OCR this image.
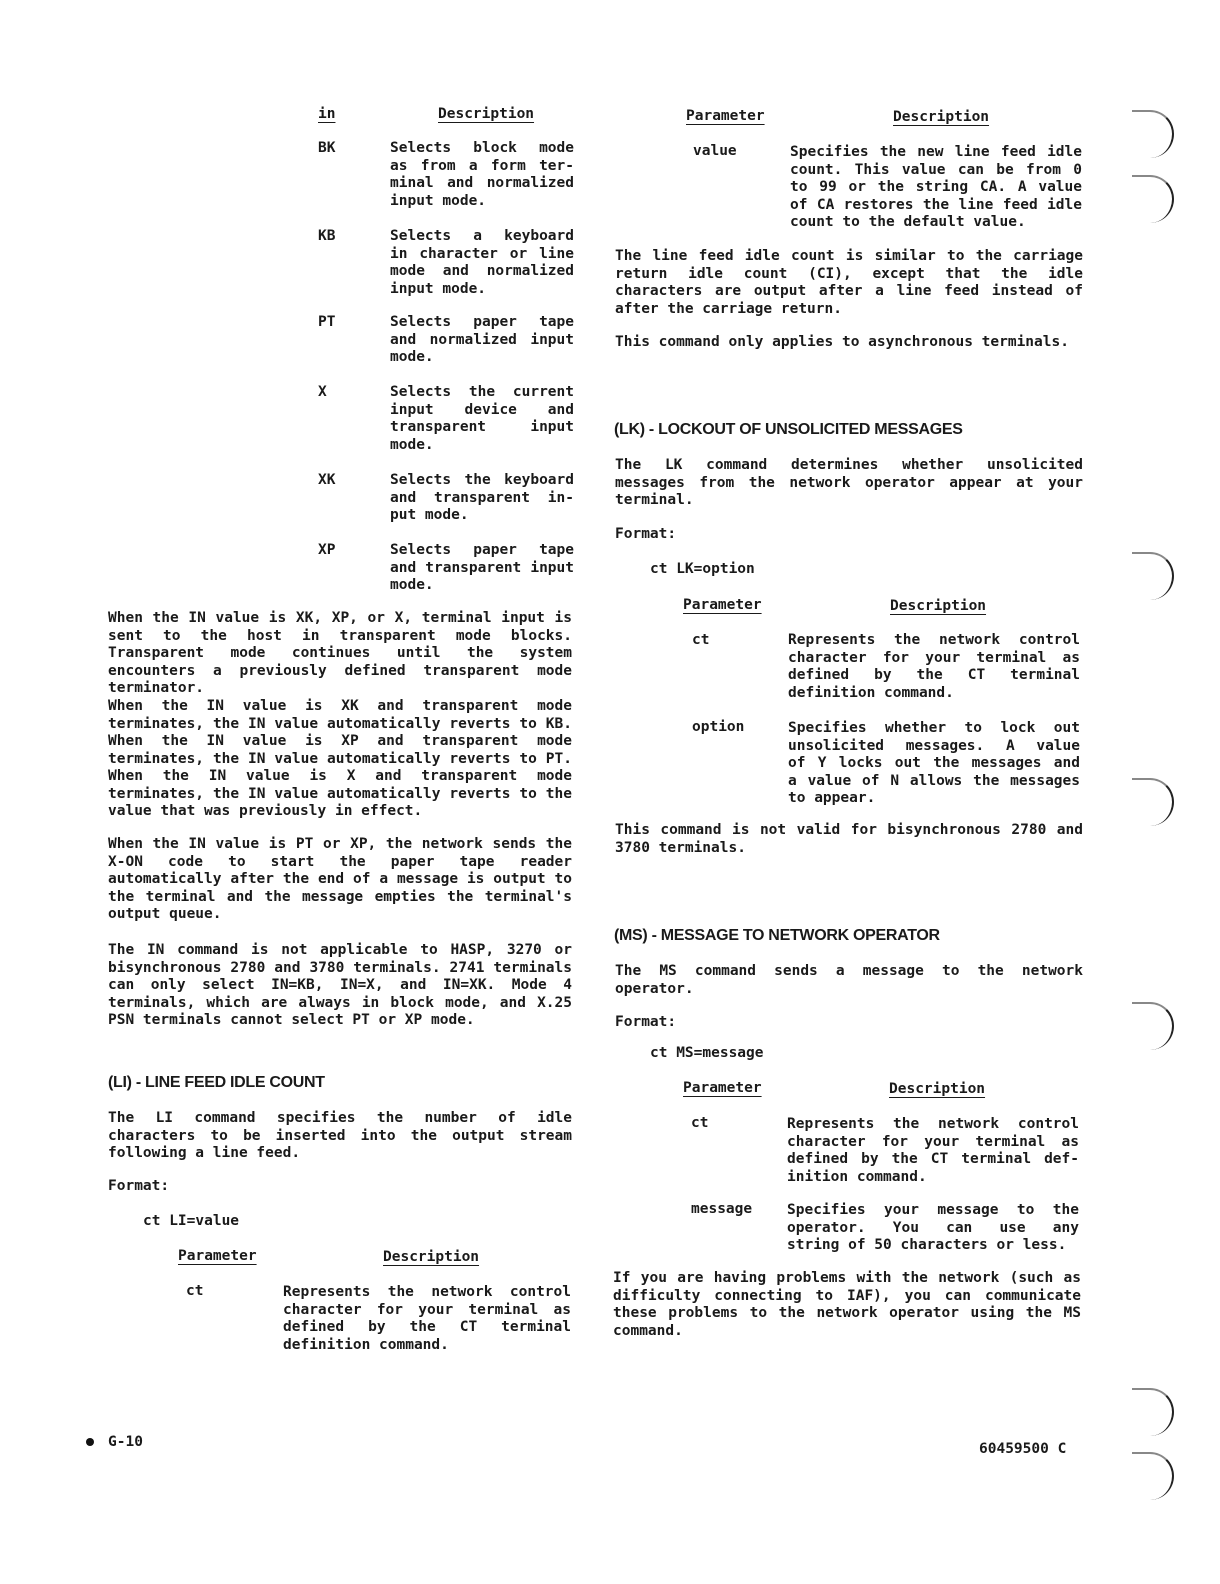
in	Description
BK	Selects block mode
as from a form ter-
minal and normalized
input mode.
KB	Selects a keyboard
in character or line
mode and normalized
input mode.
PT	Selects paper tape
and normalized input
mode.
X	Selects the current
input device and
transparent input
mode.
XK	Selects the keyboard
and transparent in-
put mode.
XP	Selects paper tape
and transparent input
mode.

When the IN value is XK, XP, or X, terminal input is sent to the host in transparent mode blocks. Transparent mode continues until the system encounters a previously defined transparent mode terminator.

When the IN value is XK and transparent mode terminates, the IN value automatically reverts to KB. When the IN value is XP and transparent mode terminates, the IN value automatically reverts to PT. When the IN value is X and transparent mode terminates, the IN value automatically reverts to the value that was previously in effect.

When the IN value is PT or XP, the network sends the X-ON code to start the paper tape reader automatically after the end of a message is output to the terminal and the message empties the terminal's output queue.

The IN command is not applicable to HASP, 3270 or bisynchronous 2780 and 3780 terminals. 2741 terminals can only select IN=KB, IN=X, and IN=XK. Mode 4 terminals, which are always in block mode, and X.25 PSN terminals cannot select PT or XP mode.

(LI) - LINE FEED IDLE COUNT

The LI command specifies the number of idle characters to be inserted into the output stream following a line feed.

Format:
ct LI=value
Parameter	Description
ct	Represents the network control
character for your terminal as
defined by the CT terminal
definition command.
Parameter	Description
value	Specifies the new line feed idle
count. This value can be from 0
to 99 or the string CA. A value
of CA restores the line feed idle
count to the default value.

The line feed idle count is similar to the carriage return idle count (CI), except that the idle characters are output after a line feed instead of after the carriage return.

This command only applies to asynchronous terminals.

(LK) - LOCKOUT OF UNSOLICITED MESSAGES

The LK command determines whether unsolicited messages from the network operator appear at your terminal.

Format:
ct LK=option
Parameter	Description
ct	Represents the network control
character for your terminal as
defined by the CT terminal
definition command.
option	Specifies whether to lock out
unsolicited messages. A value
of Y locks out the messages and
a value of N allows the messages
to appear.

This command is not valid for bisynchronous 2780 and 3780 terminals.

(MS) - MESSAGE TO NETWORK OPERATOR

The MS command sends a message to the network operator.

Format:
ct MS=message
Parameter	Description
ct	Represents the network control
character for your terminal as
defined by the CT terminal def-
inition command.
message Specifies your message to the
operator. You can use any
string of 50 characters or less.

If you are having problems with the network (such as difficulty connecting to IAF), you can communicate these problems to the network operator using the MS command.

G-10	60459500 C
